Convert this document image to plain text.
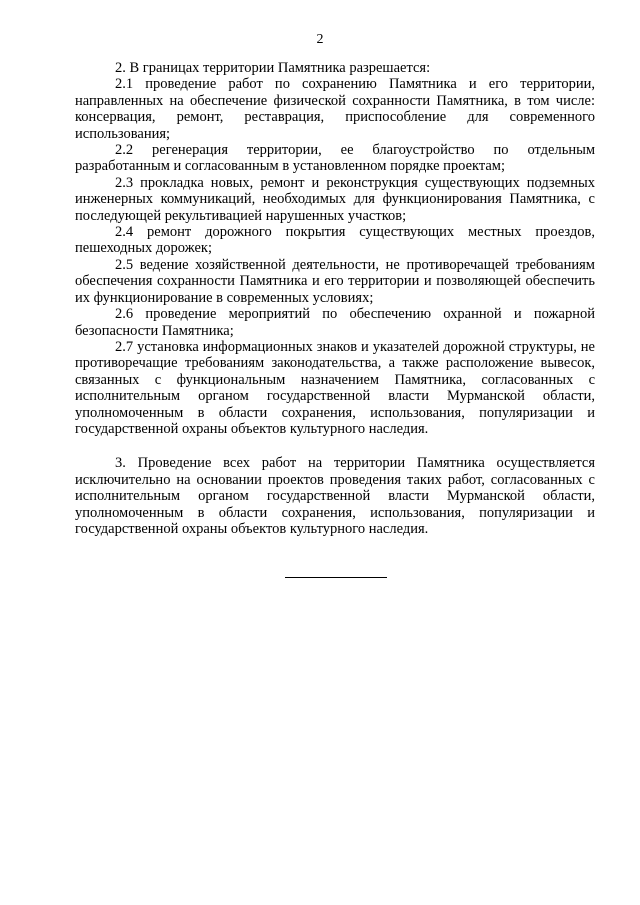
2

2. В границах территории Памятника разрешается:

2.1 проведение работ по сохранению Памятника и его территории, направленных на обеспечение физической сохранности Памятника, в том числе: консервация, ремонт, реставрация, приспособление для современного использования;

2.2 регенерация территории, ее благоустройство по отдельным разработанным и согласованным в установленном порядке проектам;

2.3 прокладка новых, ремонт и реконструкция существующих подземных инженерных коммуникаций, необходимых для функционирования Памятника, с последующей рекультивацией нарушенных участков;

2.4 ремонт дорожного покрытия существующих местных проездов, пешеходных дорожек;

2.5 ведение хозяйственной деятельности, не противоречащей требованиям обеспечения сохранности Памятника и его территории и позволяющей обеспечить их функционирование в современных условиях;

2.6 проведение мероприятий по обеспечению охранной и пожарной безопасности Памятника;

2.7 установка информационных знаков и указателей дорожной структуры, не противоречащие требованиям законодательства, а также расположение вывесок, связанных с функциональным назначением Памятника, согласованных с исполнительным органом государственной власти Мурманской области, уполномоченным в области сохранения, использования, популяризации и государственной охраны объектов культурного наследия.

3. Проведение всех работ на территории Памятника осуществляется исключительно на основании проектов проведения таких работ, согласованных с исполнительным органом государственной власти Мурманской области, уполномоченным в области сохранения, использования, популяризации и государственной охраны объектов культурного наследия.
